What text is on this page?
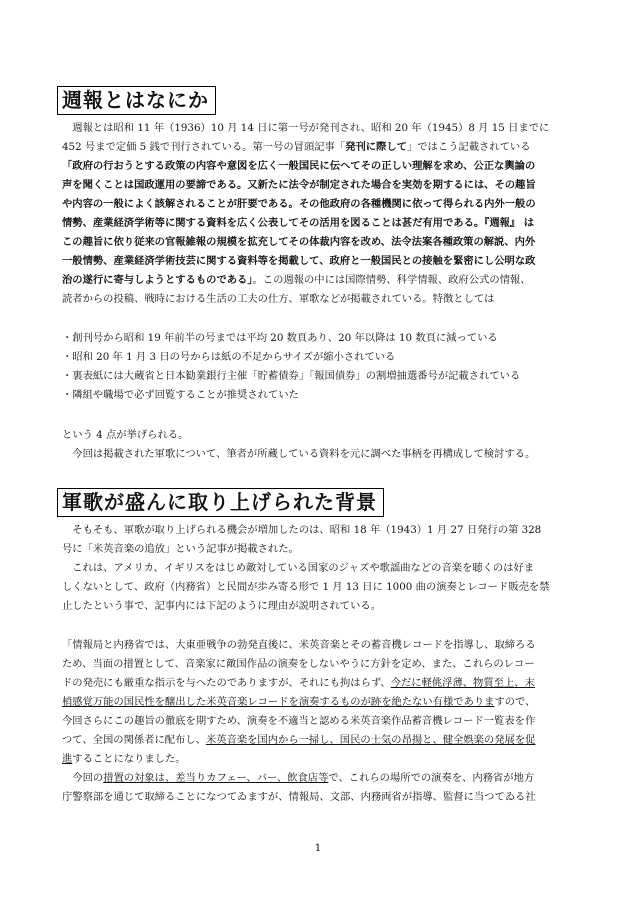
週報とはなにか
　週報とは昭和 11 年（1936）10 月 14 日に第一号が発刊され、昭和 20 年（1945）8 月 15 日までに
452 号まで定価 5 銭で刊行されている。第一号の冒頭記事「発刊に際して」ではこう記載されている
「政府の行おうとする政策の内容や意図を広く一般国民に伝へてその正しい理解を求め、公正な輿論の
声を聞くことは国政運用の要諦である。又新たに法令が制定された場合を実効を期するには、その趣旨
や内容の一般によく該解されることが肝要である。その他政府の各種機関に依って得られる内外一般の
情勢、産業経済学術等に関する資料を広く公表してその活用を図ることは甚だ有用である。『週報』 は
この趣旨に依り従来の官報雑報の規模を拡充してその体裁内容を改め、法令法案各種政策の解説、内外
一般情勢、産業経済学術技芸に関する資料等を掲載して、政府と一般国民との接触を緊密にし公明な政
治の遂行に寄与しようとするものである」。この週報の中には国際情勢、科学情報、政府公式の情報、
読者からの投稿、戦時における生活の工夫の仕方、軍歌などが掲載されている。特徴としては
・創刊号から昭和 19 年前半の号までは平均 20 数頁あり、20 年以降は 10 数頁に減っている
・昭和 20 年 1 月 3 日の号からは紙の不足からサイズが縮小されている
・裏表紙には大蔵省と日本勧業銀行主催「貯蓄債券」「報国債券」の割増抽選番号が記載されている
・隣組や職場で必ず回覧することが推奨されていた
という 4 点が挙げられる。
　今回は掲載された軍歌について、筆者が所蔵している資料を元に調べた事柄を再構成して検討する。
軍歌が盛んに取り上げられた背景
　そもそも、軍歌が取り上げられる機会が増加したのは、昭和 18 年（1943）1 月 27 日発行の第 328
号に「米英音楽の追放」という記事が掲載された。
　これは、アメリカ、イギリスをはじめ敵対している国家のジャズや歌謡曲などの音楽を聴くのは好ま
しくないとして、政府（内務省）と民間が歩み寄る形で 1 月 13 日に 1000 曲の演奏とレコード販売を禁
止したという事で、記事内には下記のように理由が説明されている。
「情報局と内務省では、大東亜戦争の勃発直後に、米英音楽とその蓄音機レコードを指導し、取締ろる
ため、当面の措置として、音楽家に敵国作品の演奏をしないやうに方針を定め、また、これらのレコー
ドの発売にも厳重な指示を与へたのでありますが、それにも拘はらず、今だに軽佻浮薄、物質至上、末
梢感覚万能の国民性を醸出した米英音楽レコードを演奏するものが跡を絶たない有様でありますので、
今回さらにこの趣旨の徹底を期すため、演奏を不適当と認める米英音楽作品蓄音機レコード一覧表を作
つて、全国の関係者に配布し、米英音楽を国内から一掃し、国民の士気の昂揚と、健全娯楽の発展を促
進することになりました。
　今回の措置の対象は、差当りカフェー、バー、飲食店等で、これらの場所での演奏を、内務省が地方
庁警察部を通じて取締ることになつてゐますが、情報局、文部、内務両省が指導、監督に当つてゐる社
1
